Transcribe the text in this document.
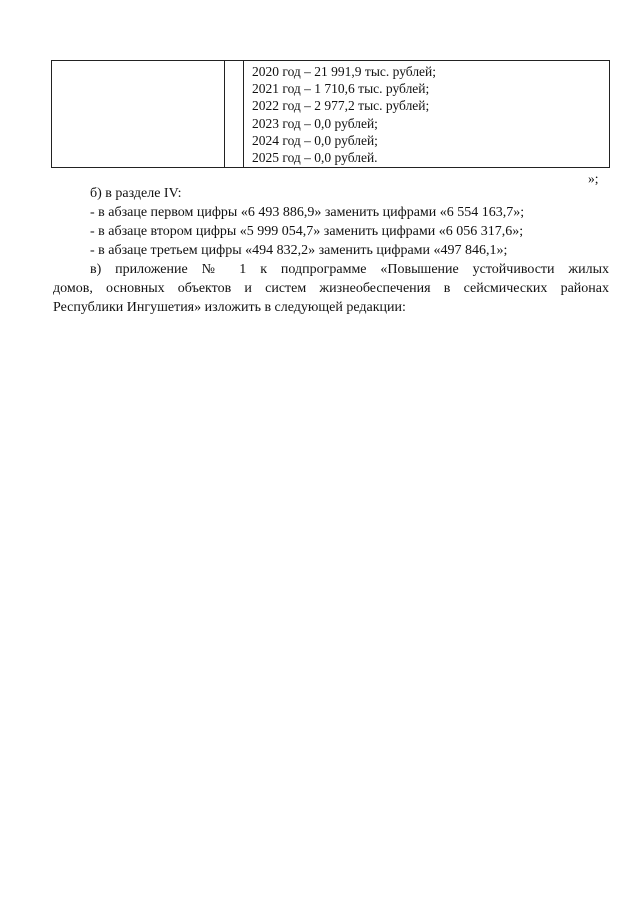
2020 год – 21 991,9 тыс. рублей;
2021 год – 1 710,6 тыс. рублей;
2022 год – 2 977,2 тыс. рублей;
2023 год – 0,0 рублей;
2024 год – 0,0 рублей;
2025 год – 0,0 рублей.
»;
б) в разделе IV:
- в абзаце первом цифры «6 493 886,9» заменить цифрами «6 554 163,7»;
- в абзаце втором цифры «5 999 054,7» заменить цифрами «6 056 317,6»;
- в абзаце третьем цифры «494 832,2» заменить цифрами «497 846,1»;
в) приложение № 1 к подпрограмме «Повышение устойчивости жилых
домов, основных объектов и систем жизнеобеспечения в сейсмических районах
Республики Ингушетия» изложить в следующей редакции:
